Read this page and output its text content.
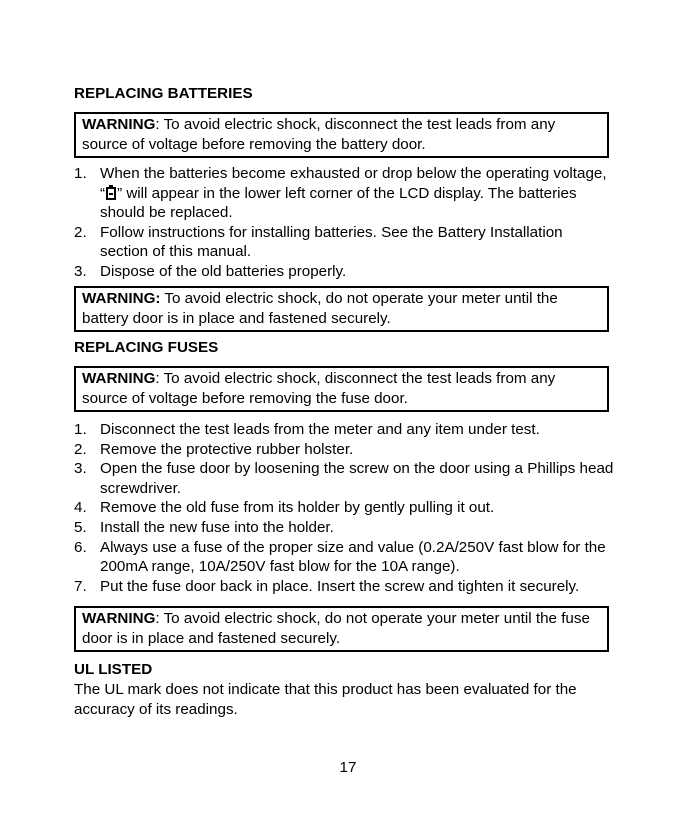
REPLACING BATTERIES
WARNING: To avoid electric shock, disconnect the test leads from any source of voltage before removing the battery door.
1. When the batteries become exhausted or drop below the operating voltage, “ ” will appear in the lower left corner of the LCD display. The batteries should be replaced.
2. Follow instructions for installing batteries. See the Battery Installation section of this manual.
3. Dispose of the old batteries properly.
WARNING: To avoid electric shock, do not operate your meter until the battery door is in place and fastened securely.
REPLACING FUSES
WARNING: To avoid electric shock, disconnect the test leads from any source of voltage before removing the fuse door.
1. Disconnect the test leads from the meter and any item under test.
2. Remove the protective rubber holster.
3. Open the fuse door by loosening the screw on the door using a Phillips head screwdriver.
4. Remove the old fuse from its holder by gently pulling it out.
5. Install the new fuse into the holder.
6. Always use a fuse of the proper size and value (0.2A/250V fast blow for the 200mA range, 10A/250V fast blow for the 10A range).
7. Put the fuse door back in place. Insert the screw and tighten it securely.
WARNING: To avoid electric shock, do not operate your meter until the fuse door is in place and fastened securely.
UL LISTED

The UL mark does not indicate that this product has been evaluated for the accuracy of its readings.

17
